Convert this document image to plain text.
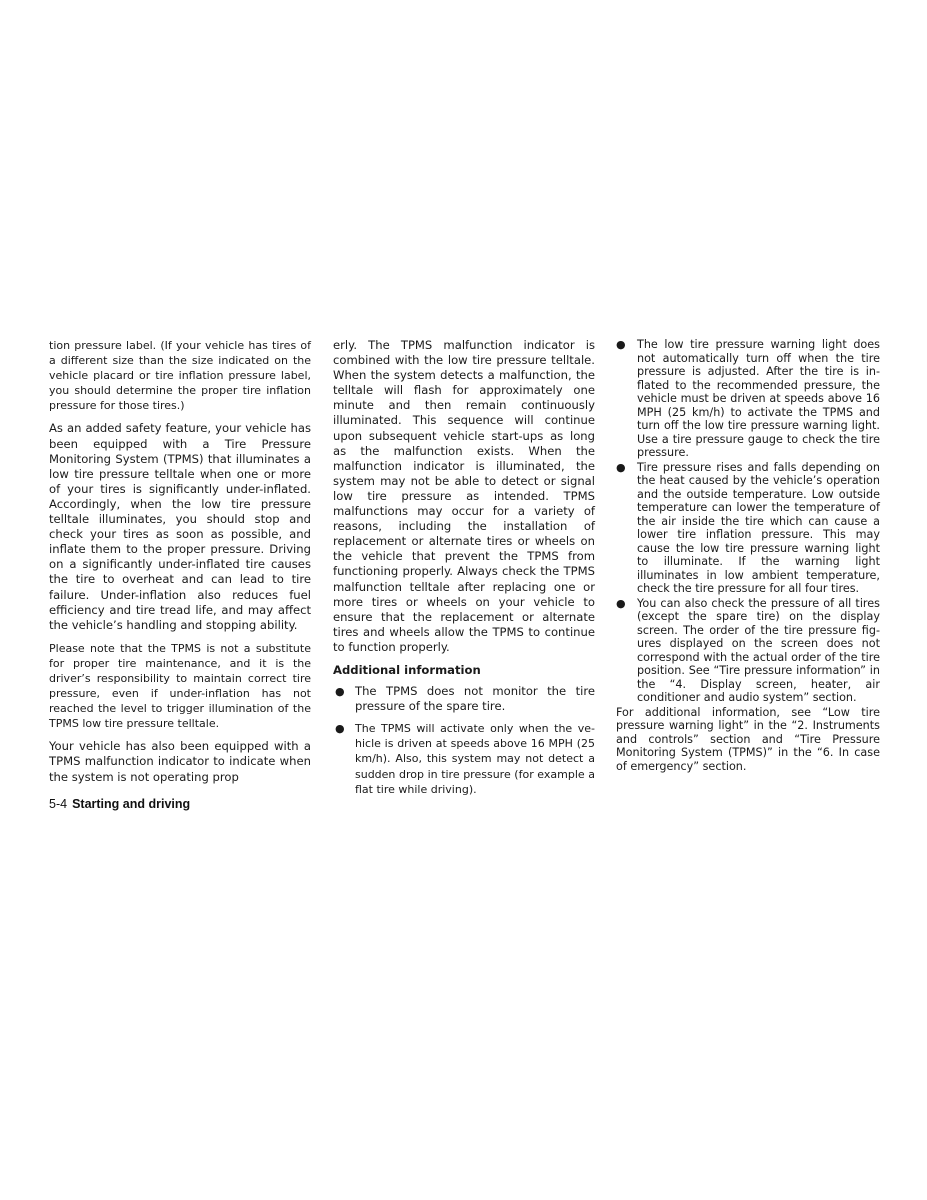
tion pressure label. (If your vehicle has tires of a different size than the size indicated on the vehicle placard or tire inflation pressure label, you should determine the proper tire inflation pressure for those tires.)

As an added safety feature, your vehicle has been equipped with a Tire Pressure Monitoring System (TPMS) that illuminates a low tire pressure telltale when one or more of your tires is significantly under-inflated. Accordingly, when the low tire pressure telltale illuminates, you should stop and check your tires as soon as possible, and inflate them to the proper pressure. Driving on a significantly under-inflated tire causes the tire to overheat and can lead to tire failure. Under-inflation also reduces fuel efficiency and tire tread life, and may affect the vehicle’s handling and stopping ability.

Please note that the TPMS is not a substitute for proper tire maintenance, and it is the driver’s responsibility to maintain correct tire pressure, even if under-inflation has not reached the level to trigger illumination of the TPMS low tire pressure telltale.

Your vehicle has also been equipped with a TPMS malfunction indicator to indicate when the system is not operating prop

erly. The TPMS malfunction indicator is combined with the low tire pressure telltale. When the system detects a malfunction, the telltale will flash for approximately one minute and then remain continuously illuminated. This sequence will continue upon subsequent vehicle start-ups as long as the malfunction exists. When the malfunction indicator is illuminated, the system may not be able to detect or signal low tire pressure as intended. TPMS malfunctions may occur for a variety of reasons, including the installation of replacement or alternate tires or wheels on the vehicle that prevent the TPMS from functioning properly. Always check the TPMS malfunction telltale after replacing one or more tires or wheels on your vehicle to ensure that the replacement or alternate tires and wheels allow the TPMS to continue to function properly.

Additional information
● The TPMS does not monitor the tire pressure of the spare tire.
● The TPMS will activate only when the vehicle is driven at speeds above 16 MPH (25 km/h). Also, this system may not detect a sudden drop in tire pressure (for example a flat tire while driving).
● The low tire pressure warning light does not automatically turn off when the tire pressure is adjusted. After the tire is inflated to the recommended pressure, the vehicle must be driven at speeds above 16 MPH (25 km/h) to activate the TPMS and turn off the low tire pressure warning light. Use a tire pressure gauge to check the tire pressure.
● Tire pressure rises and falls depending on the heat caused by the vehicle’s operation and the outside temperature. Low outside temperature can lower the temperature of the air inside the tire which can cause a lower tire inflation pressure. This may cause the low tire pressure warning light to illuminate. If the warning light illuminates in low ambient temperature, check the tire pressure for all four tires.
● You can also check the pressure of all tires (except the spare tire) on the display screen. The order of the tire pressure figures displayed on the screen does not correspond with the actual order of the tire position. See “Tire pressure information” in the “4. Display screen, heater, air conditioner and audio system” section.

For additional information, see “Low tire pressure warning light” in the “2. Instruments and controls” section and “Tire Pressure Monitoring System (TPMS)” in the “6. In case of emergency” section.

5-4 Starting and driving
